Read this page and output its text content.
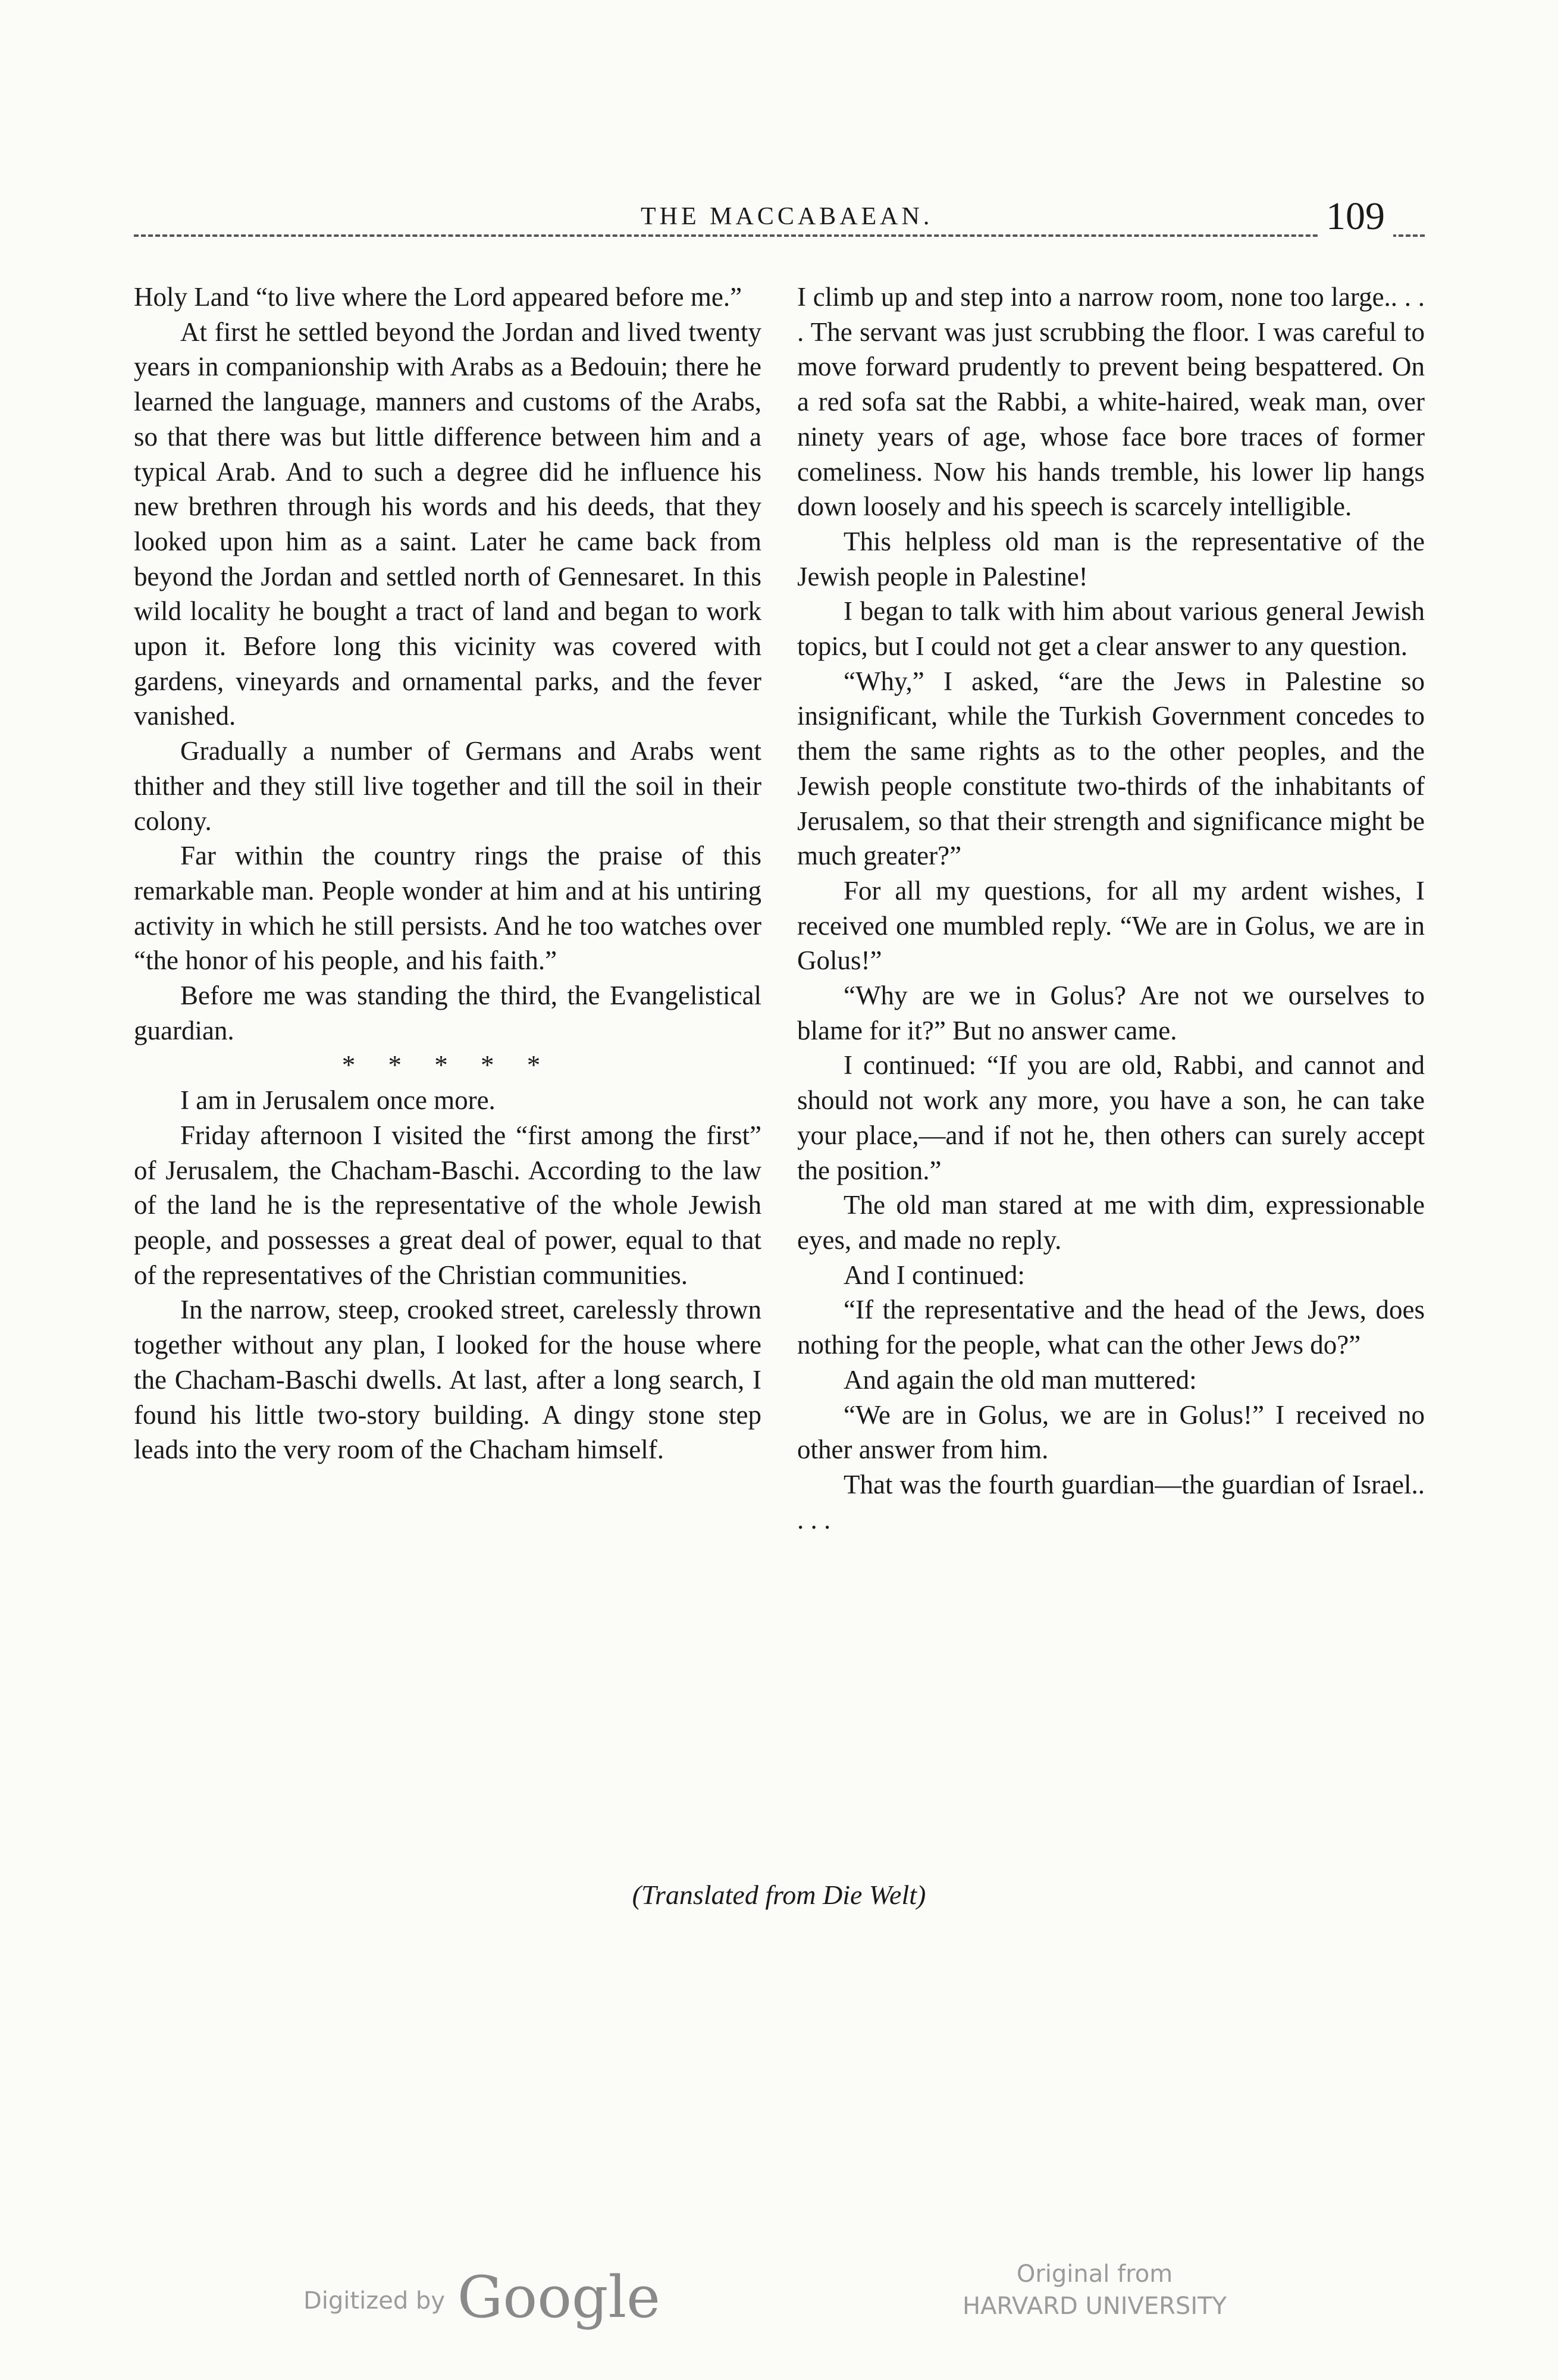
THE MACCABAEAN.	109

Holy Land “to live where the Lord appeared before me.”

At first he settled beyond the Jordan and lived twenty years in companionship with Arabs as a Bedouin; there he learned the language, manners and customs of the Arabs, so that there was but little difference between him and a typical Arab. And to such a degree did he influence his new brethren through his words and his deeds, that they looked upon him as a saint. Later he came back from beyond the Jordan and settled north of Gennesaret. In this wild locality he bought a tract of land and began to work upon it. Before long this vicinity was covered with gardens, vineyards and ornamental parks, and the fever vanished.

Gradually a number of Germans and Arabs went thither and they still live together and till the soil in their colony.

Far within the country rings the praise of this remarkable man. People wonder at him and at his untiring activity in which he still persists. And he too watches over “the honor of his people, and his faith.”

Before me was standing the third, the Evangelistical guardian.

* * * * *

I am in Jerusalem once more.

Friday afternoon I visited the “first among the first” of Jerusalem, the Chacham-Baschi. According to the law of the land he is the representative of the whole Jewish people, and possesses a great deal of power, equal to that of the representatives of the Christian communities.

In the narrow, steep, crooked street, carelessly thrown together without any plan, I looked for the house where the Chacham-Baschi dwells. At last, after a long search, I found his little two-story building. A dingy stone step leads into the very room of the Chacham himself.

I climb up and step into a narrow room, none too large.. . . . The servant was just scrubbing the floor. I was careful to move forward prudently to prevent being bespattered. On a red sofa sat the Rabbi, a white-haired, weak man, over ninety years of age, whose face bore traces of former comeliness. Now his hands tremble, his lower lip hangs down loosely and his speech is scarcely intelligible.

This helpless old man is the representative of the Jewish people in Palestine!

I began to talk with him about various general Jewish topics, but I could not get a clear answer to any question.

“Why,” I asked, “are the Jews in Palestine so insignificant, while the Turkish Government concedes to them the same rights as to the other peoples, and the Jewish people constitute two-thirds of the inhabitants of Jerusalem, so that their strength and significance might be much greater?”

For all my questions, for all my ardent wishes, I received one mumbled reply. “We are in Golus, we are in Golus!”

“Why are we in Golus? Are not we ourselves to blame for it?” But no answer came.

I continued: “If you are old, Rabbi, and cannot and should not work any more, you have a son, he can take your place,—and if not he, then others can surely accept the position.”

The old man stared at me with dim, expressionable eyes, and made no reply.

And I continued:

“If the representative and the head of the Jews, does nothing for the people, what can the other Jews do?”

And again the old man muttered:

“We are in Golus, we are in Golus!” I received no other answer from him.

That was the fourth guardian—the guardian of Israel.. . . .

(Translated from Die Welt)
Digitized by Google	Original from
HARVARD UNIVERSITY
